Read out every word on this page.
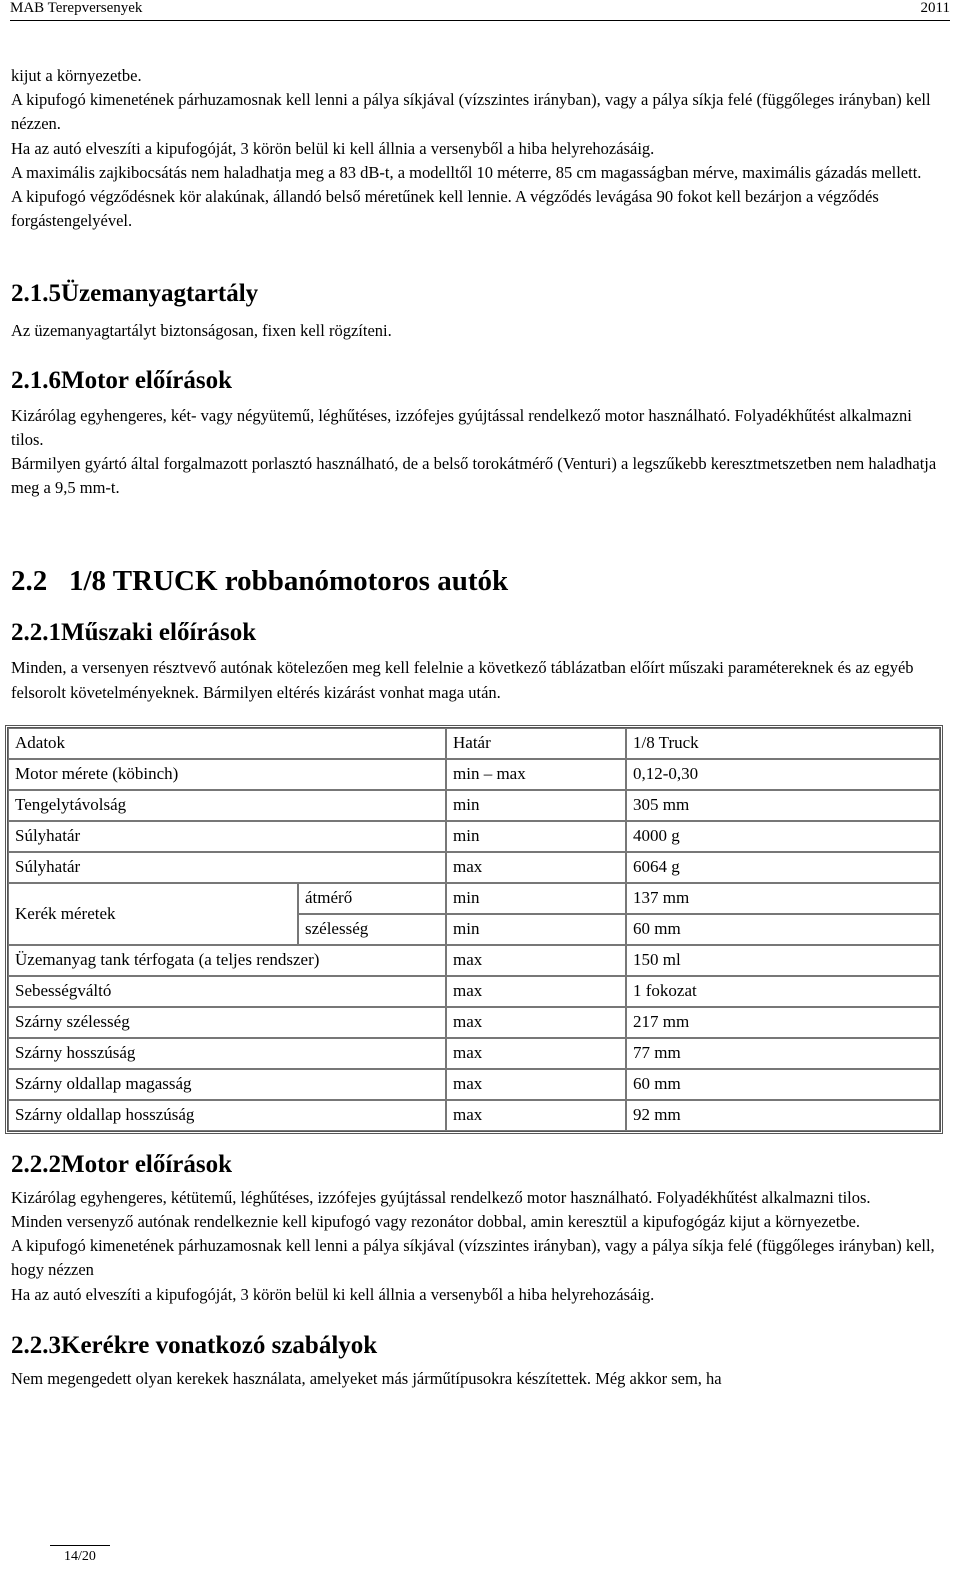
MAB Terepversenyek	2011

kijut a környezetbe.

A kipufogó kimenetének párhuzamosnak kell lenni a pálya síkjával (vízszintes irányban), vagy a pálya síkja felé (függőleges irányban) kell nézzen.

Ha az autó elveszíti a kipufogóját, 3 körön belül ki kell állnia a versenyből a hiba helyrehozásáig.

A maximális zajkibocsátás nem haladhatja meg a 83 dB-t, a modelltől 10 méterre, 85 cm magasságban mérve, maximális gázadás mellett.

A kipufogó végződésnek kör alakúnak, állandó belső méretűnek kell lennie. A végződés levágása 90 fokot kell bezárjon a végződés forgástengelyével.

2.1.5Üzemanyagtartály

Az üzemanyagtartályt biztonságosan, fixen kell rögzíteni.

2.1.6Motor előírások

Kizárólag egyhengeres, két- vagy négyütemű, léghűtéses, izzófejes gyújtással rendelkező motor használható. Folyadékhűtést alkalmazni tilos.

Bármilyen gyártó által forgalmazott porlasztó használható, de a belső torokátmérő (Venturi) a legszűkebb keresztmetszetben nem haladhatja meg a 9,5 mm-t.

2.2 1/8 TRUCK robbanómotoros autók
2.2.1Műszaki előírások

Minden, a versenyen résztvevő autónak kötelezően meg kell felelnie a következő táblázatban előírt műszaki paramétereknek és az egyéb felsorolt követelményeknek. Bármilyen eltérés kizárást vonhat maga után.

Adatok		Határ	1/8 Truck
Motor mérete (köbinch)		min – max	0,12-0,30
Tengelytávolság		min	305 mm
Súlyhatár		min	4000 g
Súlyhatár		max	6064 g
Kerék méretek	átmérő	min	137 mm
	szélesség	min	60 mm
Üzemanyag tank térfogata (a teljes rendszer)		max	150 ml
Sebességváltó		max	1 fokozat
Szárny szélesség		max	217 mm
Szárny hosszúság		max	77 mm
Szárny oldallap magasság		max	60 mm
Szárny oldallap hosszúság		max	92 mm
2.2.2Motor előírások

Kizárólag egyhengeres, kétütemű, léghűtéses, izzófejes gyújtással rendelkező motor használható. Folyadékhűtést alkalmazni tilos.

Minden versenyző autónak rendelkeznie kell kipufogó vagy rezonátor dobbal, amin keresztül a kipufogógáz kijut a környezetbe.

A kipufogó kimenetének párhuzamosnak kell lenni a pálya síkjával (vízszintes irányban), vagy a pálya síkja felé (függőleges irányban) kell, hogy nézzen

Ha az autó elveszíti a kipufogóját, 3 körön belül ki kell állnia a versenyből a hiba helyrehozásáig.

2.2.3Kerékre vonatkozó szabályok

Nem megengedett olyan kerekek használata, amelyeket más járműtípusokra készítettek. Még akkor sem, ha

14/20
